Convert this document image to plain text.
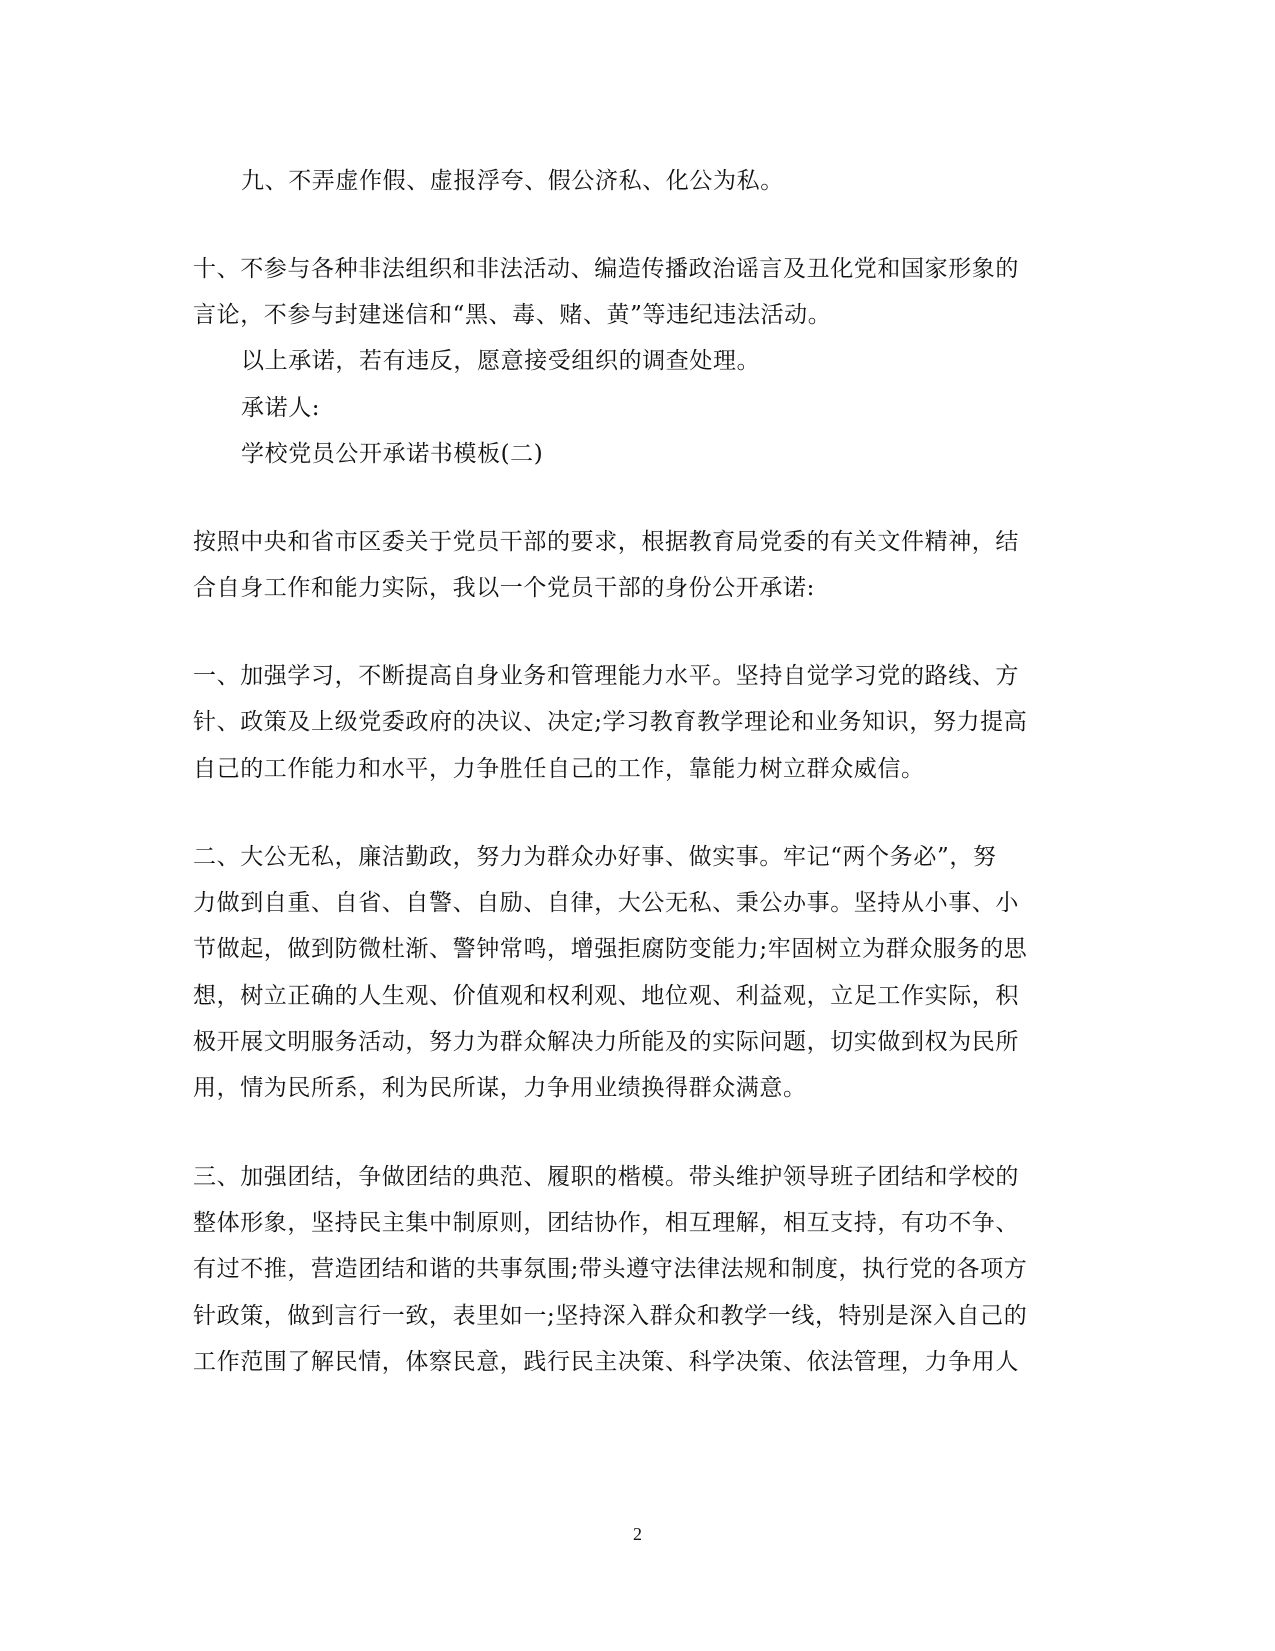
九、不弄虚作假、虚报浮夸、假公济私、化公为私。
十、不参与各种非法组织和非法活动、编造传播政治谣言及丑化党和国家形象的
言论，不参与封建迷信和“黑、毒、赌、黄”等违纪违法活动。
以上承诺，若有违反，愿意接受组织的调查处理。
承诺人:
学校党员公开承诺书模板(二)
按照中央和省市区委关于党员干部的要求，根据教育局党委的有关文件精神，结
合自身工作和能力实际，我以一个党员干部的身份公开承诺:
一、加强学习，不断提高自身业务和管理能力水平。坚持自觉学习党的路线、方
针、政策及上级党委政府的决议、决定;学习教育教学理论和业务知识，努力提高
自己的工作能力和水平，力争胜任自己的工作，靠能力树立群众威信。
二、大公无私，廉洁勤政，努力为群众办好事、做实事。牢记“两个务必”，努
力做到自重、自省、自警、自励、自律，大公无私、秉公办事。坚持从小事、小
节做起，做到防微杜渐、警钟常鸣，增强拒腐防变能力;牢固树立为群众服务的思
想，树立正确的人生观、价值观和权利观、地位观、利益观，立足工作实际，积
极开展文明服务活动，努力为群众解决力所能及的实际问题，切实做到权为民所
用，情为民所系，利为民所谋，力争用业绩换得群众满意。
三、加强团结，争做团结的典范、履职的楷模。带头维护领导班子团结和学校的
整体形象，坚持民主集中制原则，团结协作，相互理解，相互支持，有功不争、
有过不推，营造团结和谐的共事氛围;带头遵守法律法规和制度，执行党的各项方
针政策，做到言行一致，表里如一;坚持深入群众和教学一线，特别是深入自己的
工作范围了解民情，体察民意，践行民主决策、科学决策、依法管理，力争用人
2
